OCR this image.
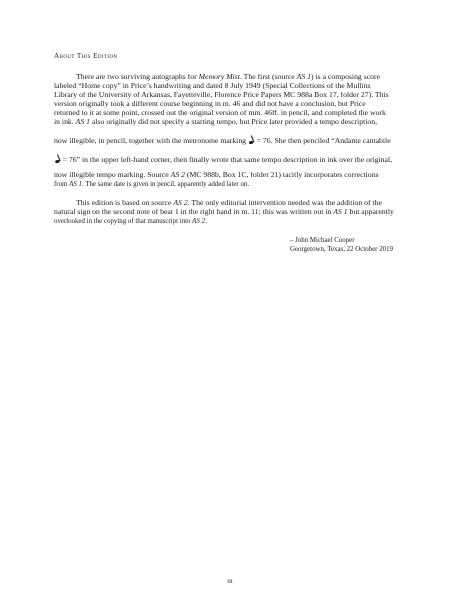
About This Edition
There are two surviving autographs for Memory Mist. The first (source AS 1) is a composing score
labeled “Home copy” in Price’s handwriting and dated 8 July 1949 (Special Collections of the Mullins
Library of the University of Arkansas, Fayetteville, Florence Price Papers MC 988a Box 17, folder 27). This
version originally took a different course beginning in m. 46 and did not have a conclusion, but Price
returned to it at some point, crossed out the original version of mm. 46ff. in pencil, and completed the work
in ink. AS 1 also originally did not specify a starting tempo, but Price later provided a tempo description,
now illegible, in pencil, together with the metronome marking  = 76. She then penciled “Andante cantabile
= 76” in the upper left-hand corner, then finally wrote that same tempo description in ink over the original,
now illegible tempo marking. Source AS 2 (MC 988b, Box 1C, folder 21) tacitly incorporates corrections
from AS 1. The same date is given in pencil, apparently added later on.
This edition is based on source AS 2. The only editorial intervention needed was the addition of the
natural sign on the second note of beat 1 in the right hand in m. 11; this was written out in AS 1 but apparently
overlooked in the copying of that manuscript into AS 2.
– John Michael Cooper
Georgetown, Texas, 22 October 2019
iii
